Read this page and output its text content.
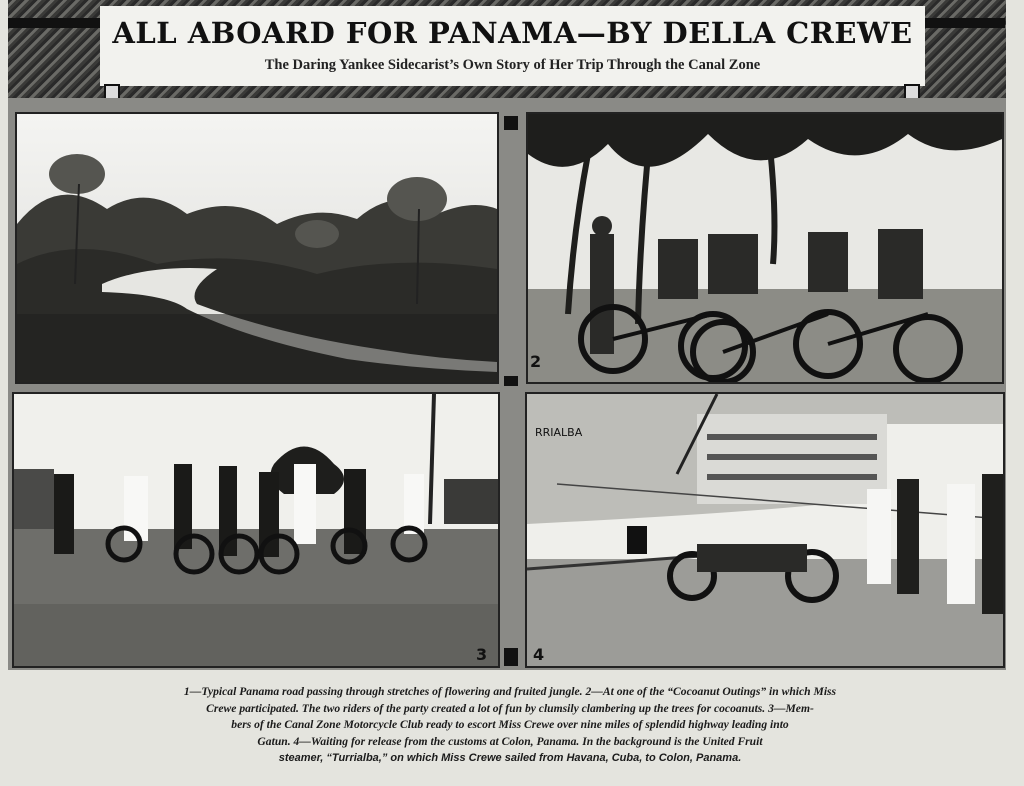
ALL ABOARD FOR PANAMA—BY DELLA CREWE
The Daring Yankee Sidecarist’s Own Story of Her Trip Through the Canal Zone
2
3
RRIALBA
4
1—Typical Panama road passing through stretches of flowering and fruited jungle. 2—At one of the “Cocoanut Outings” in which Miss
Crewe participated. The two riders of the party created a lot of fun by clumsily clambering up the trees for cocoanuts. 3—Mem-
bers of the Canal Zone Motorcycle Club ready to escort Miss Crewe over nine miles of splendid highway leading into
Gatun. 4—Waiting for release from the customs at Colon, Panama. In the background is the United Fruit
steamer, “Turrialba,” on which Miss Crewe sailed from Havana, Cuba, to Colon, Panama.
